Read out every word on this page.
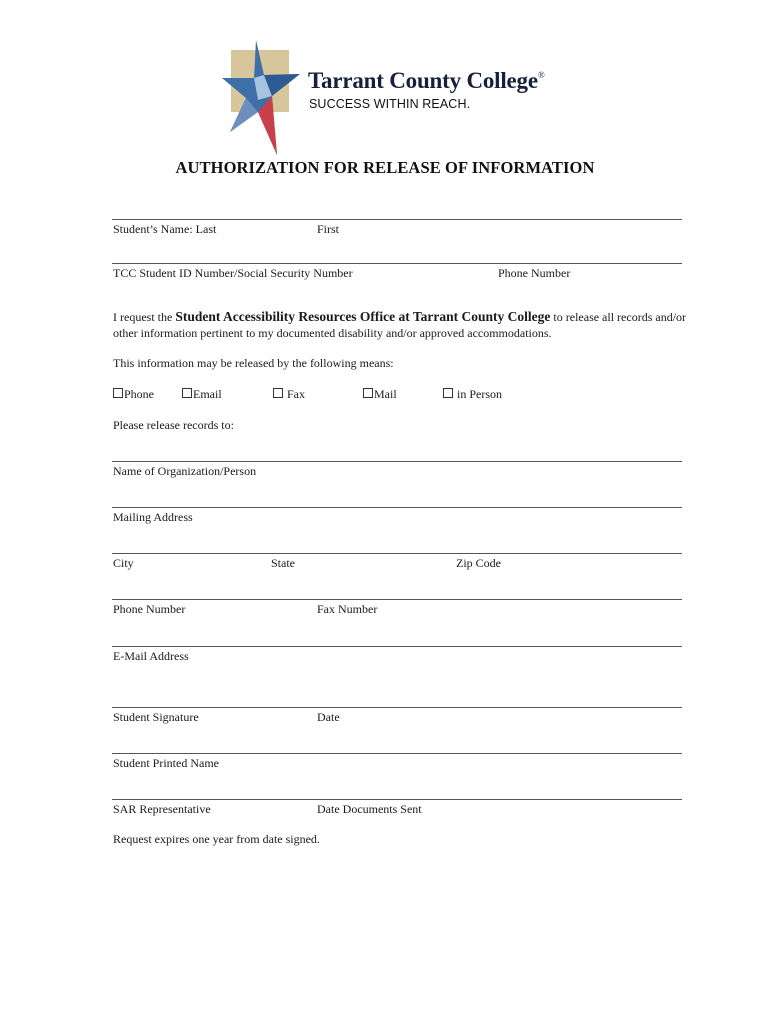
Tarrant County College®
SUCCESS WITHIN REACH.
AUTHORIZATION FOR RELEASE OF INFORMATION
Student’s Name: Last	First
TCC Student ID Number/Social Security Number	Phone Number
I request the Student Accessibility Resources Office at Tarrant County College to release all records and/or other information pertinent to my documented disability and/or approved accommodations.
This information may be released by the following means:
Phone	Email	Fax	Mail	in Person
Please release records to:
Name of Organization/Person
Mailing Address
City	State	Zip Code
Phone Number	Fax Number
E-Mail Address
Student Signature	Date
Student Printed Name
SAR Representative	Date Documents Sent
Request expires one year from date signed.
